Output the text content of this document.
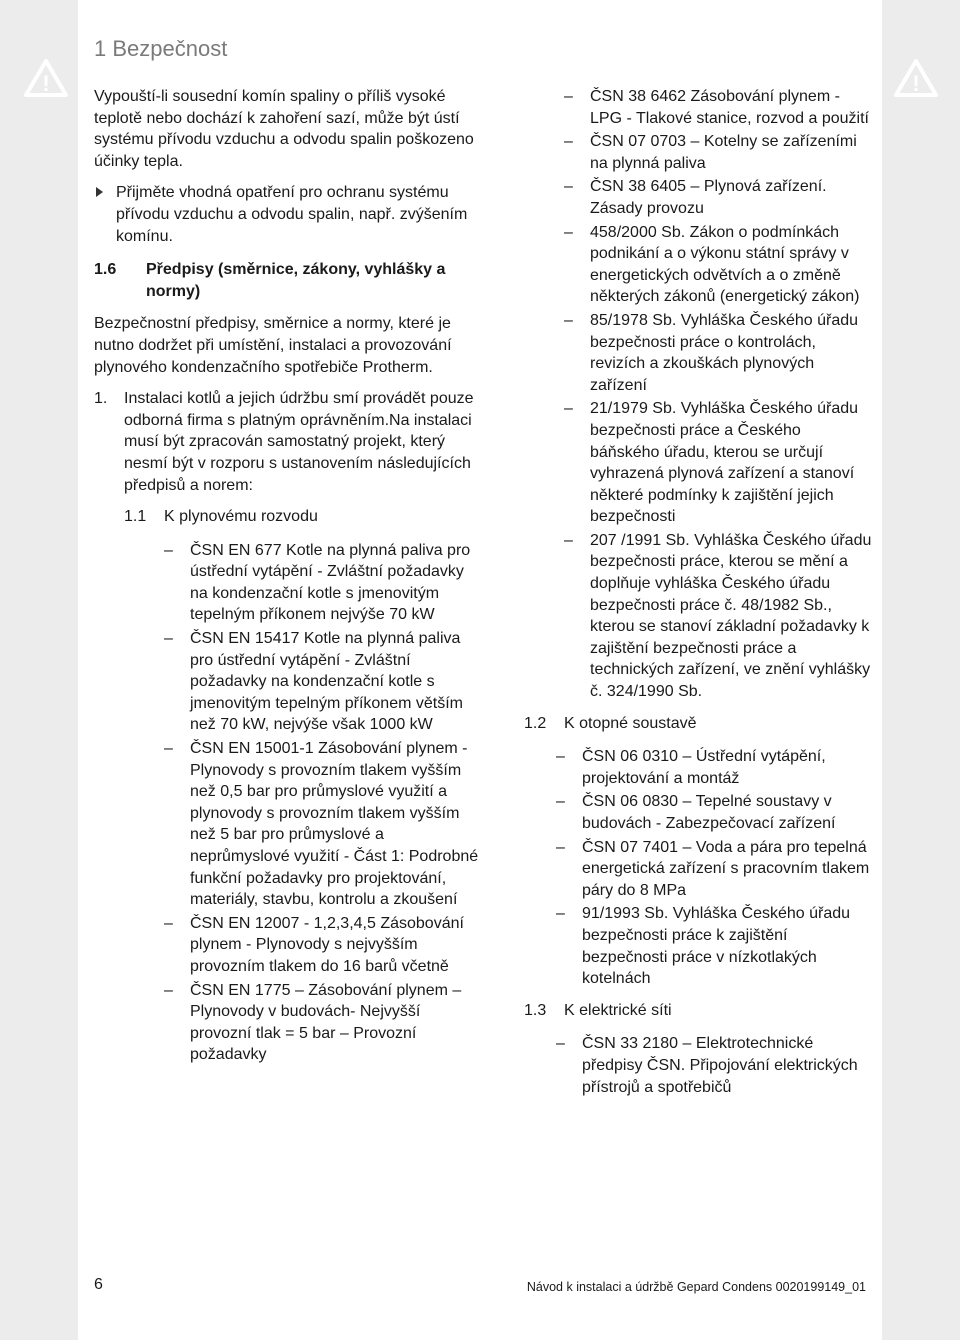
!	!
1 Bezpečnost

Vypouští-li sousední komín spaliny o příliš vysoké teplotě nebo dochází k zahoření sazí, může být ústí systému přívodu vzduchu a odvodu spalin poškozeno účinky tepla.

Přijměte vhodná opatření pro ochranu systému přívodu vzduchu a odvodu spalin, např. zvýšením komínu.
1.6	Předpisy (směrnice, zákony, vyhlášky a normy)

Bezpečnostní předpisy, směrnice a normy, které je nutno dodržet při umístění, instalaci a provozování plynového kondenzačního spotřebiče Protherm.

1.	Instalaci kotlů a jejich údržbu smí provádět pouze odborná firma s platným oprávněním.Na instalaci musí být zpracován samostatný projekt, který nesmí být v rozporu s ustanovením následujících předpisů a norem:
1.1	K plynovému rozvodu
–	ČSN EN 677 Kotle na plynná paliva pro ústřední vytápění - Zvláštní požadavky na kondenzační kotle s jmenovitým tepelným příkonem nejvýše 70 kW
–	ČSN EN 15417 Kotle na plynná paliva pro ústřední vytápění - Zvláštní požadavky na kondenzační kotle s jmenovitým tepelným příkonem větším než 70 kW, nejvýše však 1000 kW
–	ČSN EN 15001-1 Zásobování plynem - Plynovody s provozním tlakem vyšším než 0,5 bar pro průmyslové využití a plynovody s provozním tlakem vyšším než 5 bar pro průmyslové a neprůmyslové využití - Část 1: Podrobné funkční požadavky pro projektování, materiály, stavbu, kontrolu a zkoušení
–	ČSN EN 12007 - 1,2,3,4,5 Zásobování plynem - Plynovody s nejvyšším provozním tlakem do 16 barů včetně
–	ČSN EN 1775 – Zásobování plynem – Plynovody v budovách- Nejvyšší provozní tlak = 5 bar – Provozní požadavky
–	ČSN 38 6462 Zásobování plynem - LPG - Tlakové stanice, rozvod a použití
–	ČSN 07 0703 – Kotelny se zařízeními na plynná paliva
–	ČSN 38 6405 – Plynová zařízení. Zásady provozu
–	458/2000 Sb. Zákon o podmínkách podnikání a o výkonu státní správy v energetických odvětvích a o změně některých zákonů (energetický zákon)
–	85/1978 Sb. Vyhláška Českého úřadu bezpečnosti práce o kontrolách, revizích a zkouškách plynových zařízení
–	21/1979 Sb. Vyhláška Českého úřadu bezpečnosti práce a Českého báňského úřadu, kterou se určují vyhrazená plynová zařízení a stanoví některé podmínky k zajištění jejich bezpečnosti
–	207 /1991 Sb. Vyhláška Českého úřadu bezpečnosti práce, kterou se mění a doplňuje vyhláška Českého úřadu bezpečnosti práce č. 48/1982 Sb., kterou se stanoví základní požadavky k zajištění bezpečnosti práce a technických zařízení, ve znění vyhlášky č. 324/1990 Sb.
1.2	K otopné soustavě
–	ČSN 06 0310 – Ústřední vytápění, projektování a montáž
–	ČSN 06 0830 – Tepelné soustavy v budovách - Zabezpečovací zařízení
–	ČSN 07 7401 – Voda a pára pro tepelná energetická zařízení s pracovním tlakem páry do 8 MPa
–	91/1993 Sb. Vyhláška Českého úřadu bezpečnosti práce k zajištění bezpečnosti práce v nízkotlakých kotelnách
1.3	K elektrické síti
–	ČSN 33 2180 – Elektrotechnické předpisy ČSN. Připojování elektrických přístrojů a spotřebičů
6	Návod k instalaci a údržbě Gepard Condens 0020199149_01
